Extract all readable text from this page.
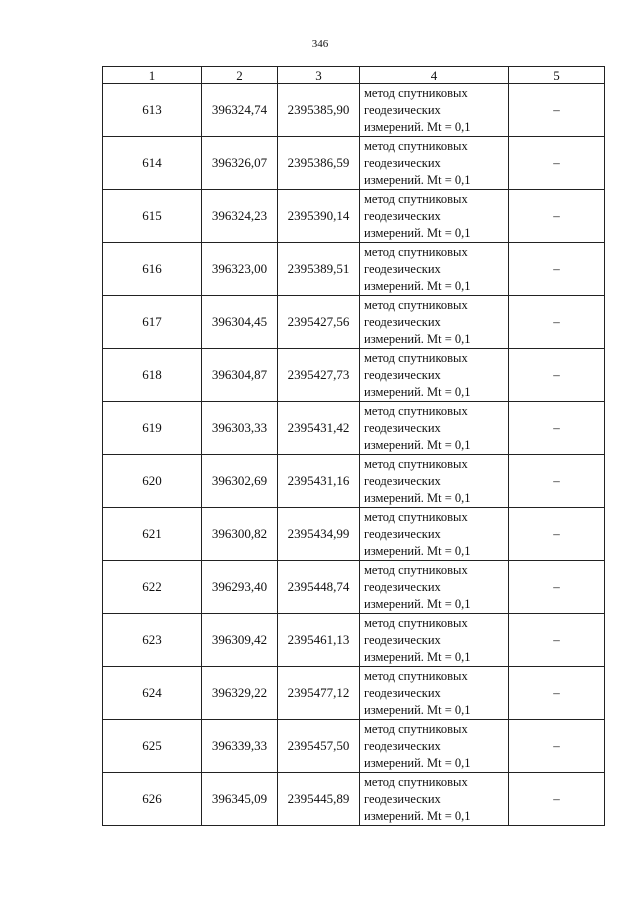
346
1	2	3	4	5
613	396324,74	2395385,90	метод спутниковых
геодезических
измерений. Mt = 0,1	–
614	396326,07	2395386,59	метод спутниковых
геодезических
измерений. Mt = 0,1	–
615	396324,23	2395390,14	метод спутниковых
геодезических
измерений. Mt = 0,1	–
616	396323,00	2395389,51	метод спутниковых
геодезических
измерений. Mt = 0,1	–
617	396304,45	2395427,56	метод спутниковых
геодезических
измерений. Mt = 0,1	–
618	396304,87	2395427,73	метод спутниковых
геодезических
измерений. Mt = 0,1	–
619	396303,33	2395431,42	метод спутниковых
геодезических
измерений. Mt = 0,1	–
620	396302,69	2395431,16	метод спутниковых
геодезических
измерений. Mt = 0,1	–
621	396300,82	2395434,99	метод спутниковых
геодезических
измерений. Mt = 0,1	–
622	396293,40	2395448,74	метод спутниковых
геодезических
измерений. Mt = 0,1	–
623	396309,42	2395461,13	метод спутниковых
геодезических
измерений. Mt = 0,1	–
624	396329,22	2395477,12	метод спутниковых
геодезических
измерений. Mt = 0,1	–
625	396339,33	2395457,50	метод спутниковых
геодезических
измерений. Mt = 0,1	–
626	396345,09	2395445,89	метод спутниковых
геодезических
измерений. Mt = 0,1	–
